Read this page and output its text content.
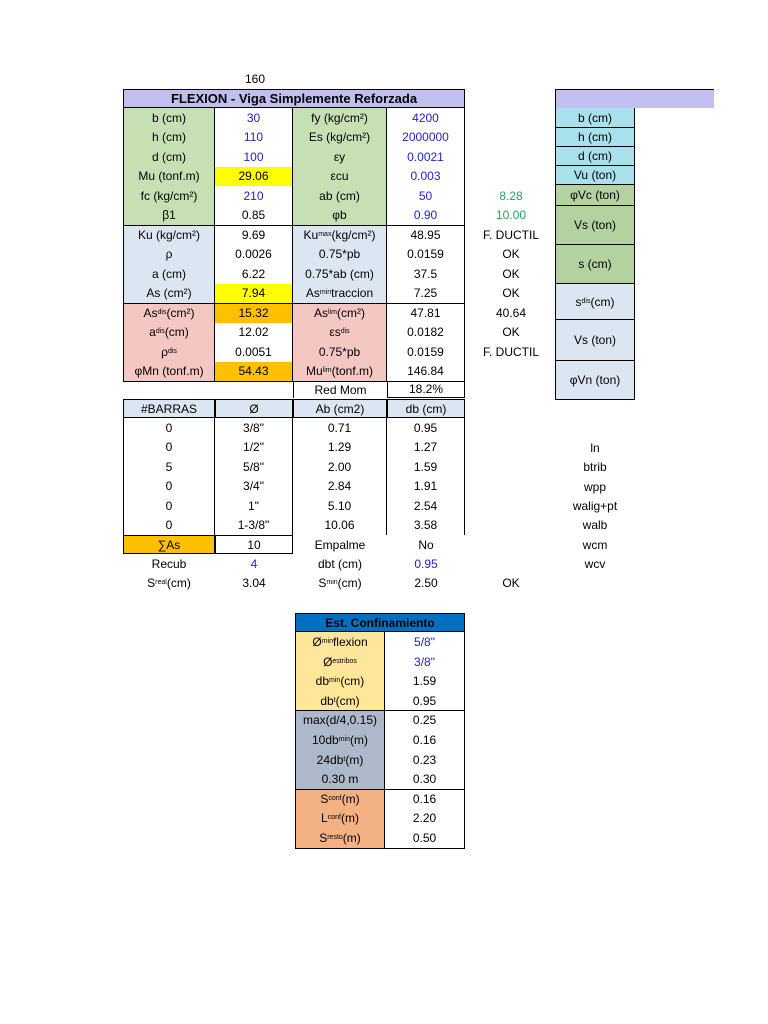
160
FLEXION - Viga Simplemente Reforzada
b (cm)	30	fy (kg/cm²)	4200
h (cm)	110	Es (kg/cm²)	2000000
d (cm)	100	εy	0.0021
Mu (tonf.m)	29.06	εcu	0.003
fc (kg/cm²)	210	ab (cm)	50	8.28
β1	0.85	φb	0.90	10.00
Ku (kg/cm²)	9.69	Ku max (kg/cm²)	48.95	F. DUCTIL
ρ	0.0026	0.75*pb	0.0159	OK
a (cm)	6.22	0.75*ab (cm)	37.5	OK
As (cm²)	7.94	As min traccion	7.25	OK
As dis (cm²)	15.32	As lim (cm²)	47.81	40.64
a dis (cm)	12.02	εs dis	0.0182	OK
ρ dis	0.0051	0.75*pb	0.0159	F. DUCTIL
φMn (tonf.m)	54.43	Mu lim (tonf.m)	146.84
Red Mom	18.2%
#BARRAS	Ø	Ab (cm2)	db (cm)
0	3/8"	0.71	0.95
0	1/2"	1.29	1.27
5	5/8"	2.00	1.59
0	3/4"	2.84	1.91
0	1"	5.10	2.54
0	1-3/8"	10.06	3.58
∑As	10	Empalme	No
Recub	4	dbt (cm)	0.95
S real (cm)	3.04	S min (cm)	2.50	OK
b (cm)
h (cm)
d (cm)
Vu (ton)
φVc (ton)
Vs (ton)
s (cm)
s dis (cm)
Vs (ton)
φVn (ton)
ln
btrib
wpp
walig+pt
walb
wcm
wcv
Est. Confinamiento
Ø min flexion	5/8"
Ø estribos	3/8"
db min (cm)	1.59
db t (cm)	0.95
max(d/4,0.15)	0.25
10db min (m)	0.16
24db t (m)	0.23
0.30 m	0.30
S conf (m)	0.16
L conf (m)	2.20
S resto (m)	0.50
